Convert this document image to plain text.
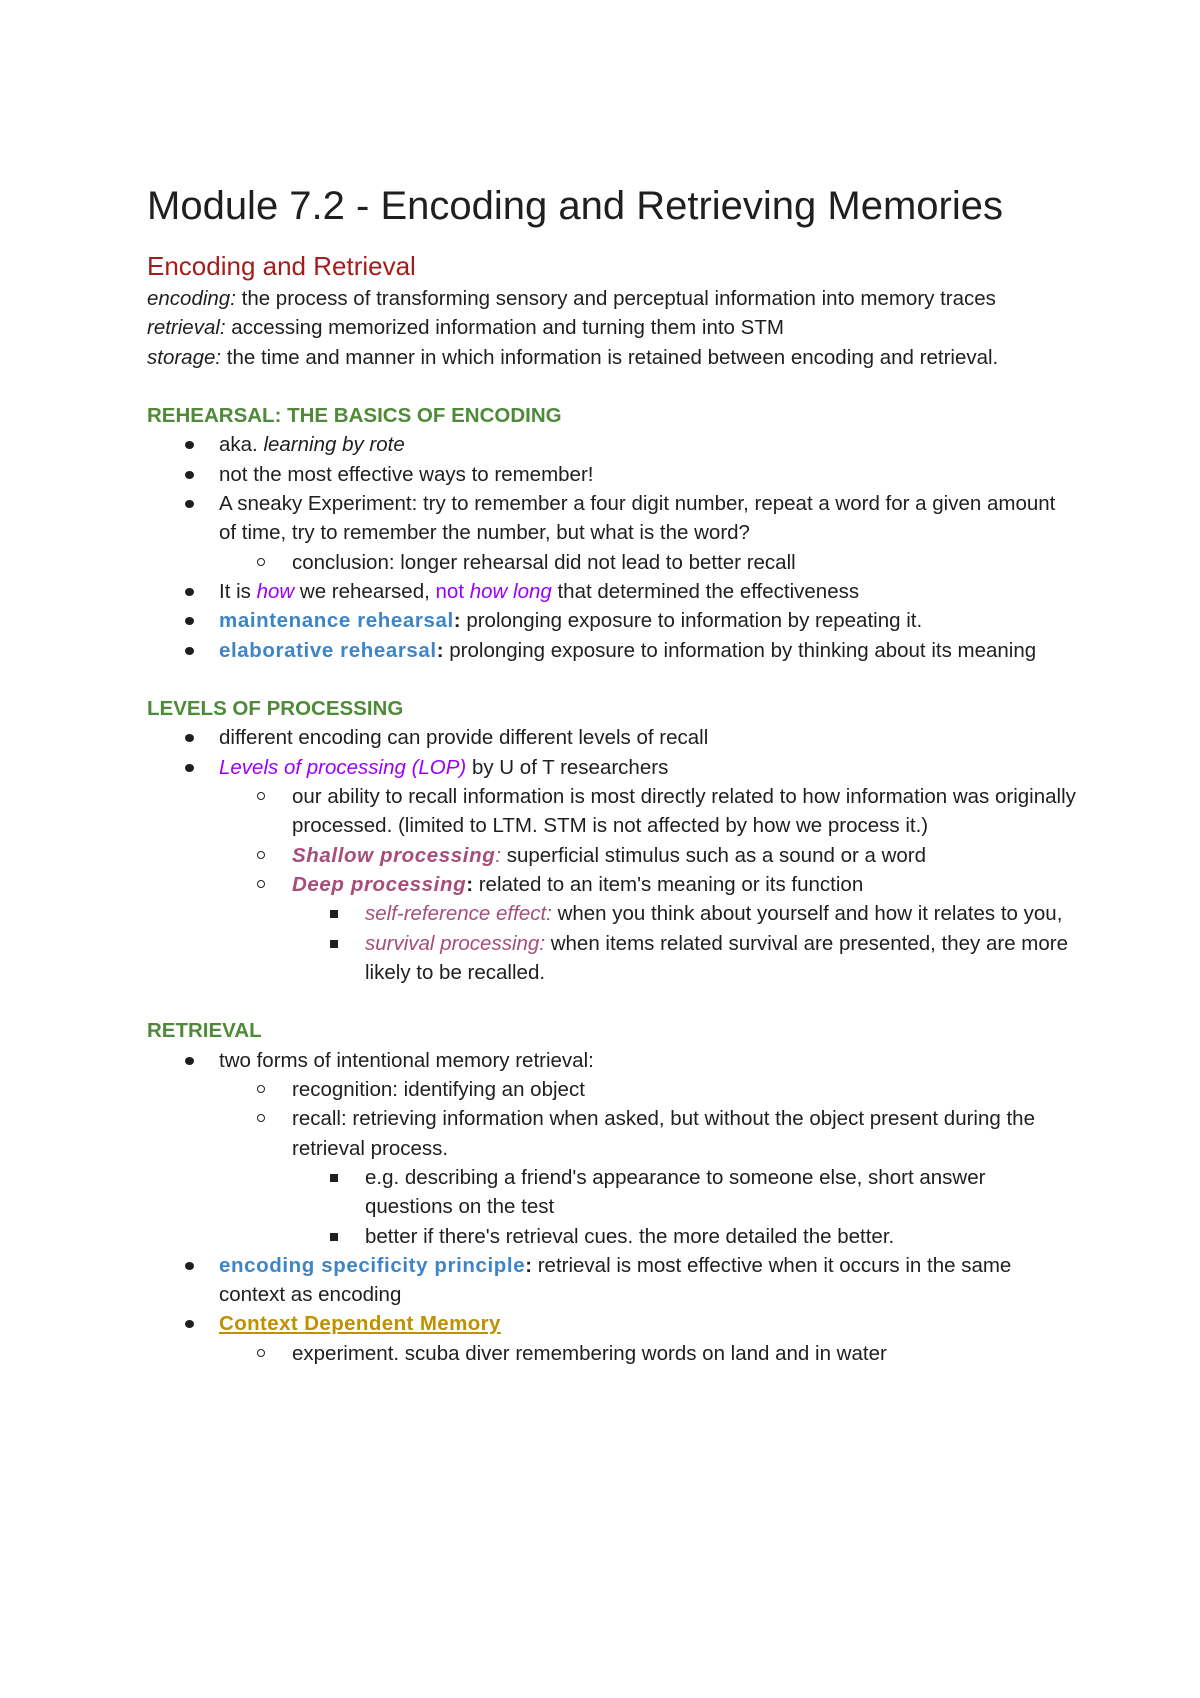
Module 7.2 - Encoding and Retrieving Memories
Encoding and Retrieval

encoding: the process of transforming sensory and perceptual information into memory traces

retrieval: accessing memorized information and turning them into STM

storage: the time and manner in which information is retained between encoding and retrieval.

REHEARSAL: THE BASICS OF ENCODING
aka. learning by rote
not the most effective ways to remember!
A sneaky Experiment: try to remember a four digit number, repeat a word for a given amount of time, try to remember the number, but what is the word?
conclusion: longer rehearsal did not lead to better recall
It is how we rehearsed, not how long that determined the effectiveness
maintenance rehearsal: prolonging exposure to information by repeating it.
elaborative rehearsal: prolonging exposure to information by thinking about its meaning
LEVELS OF PROCESSING
different encoding can provide different levels of recall
Levels of processing (LOP) by U of T researchers
our ability to recall information is most directly related to how information was originally processed. (limited to LTM. STM is not affected by how we process it.)
Shallow processing: superficial stimulus such as a sound or a word
Deep processing: related to an item's meaning or its function
self-reference effect: when you think about yourself and how it relates to you,
survival processing: when items related survival are presented, they are more likely to be recalled.
RETRIEVAL
two forms of intentional memory retrieval:
recognition: identifying an object
recall: retrieving information when asked, but without the object present during the retrieval process.
e.g. describing a friend's appearance to someone else, short answer questions on the test
better if there's retrieval cues. the more detailed the better.
encoding specificity principle: retrieval is most effective when it occurs in the same context as encoding
Context Dependent Memory
experiment. scuba diver remembering words on land and in water
